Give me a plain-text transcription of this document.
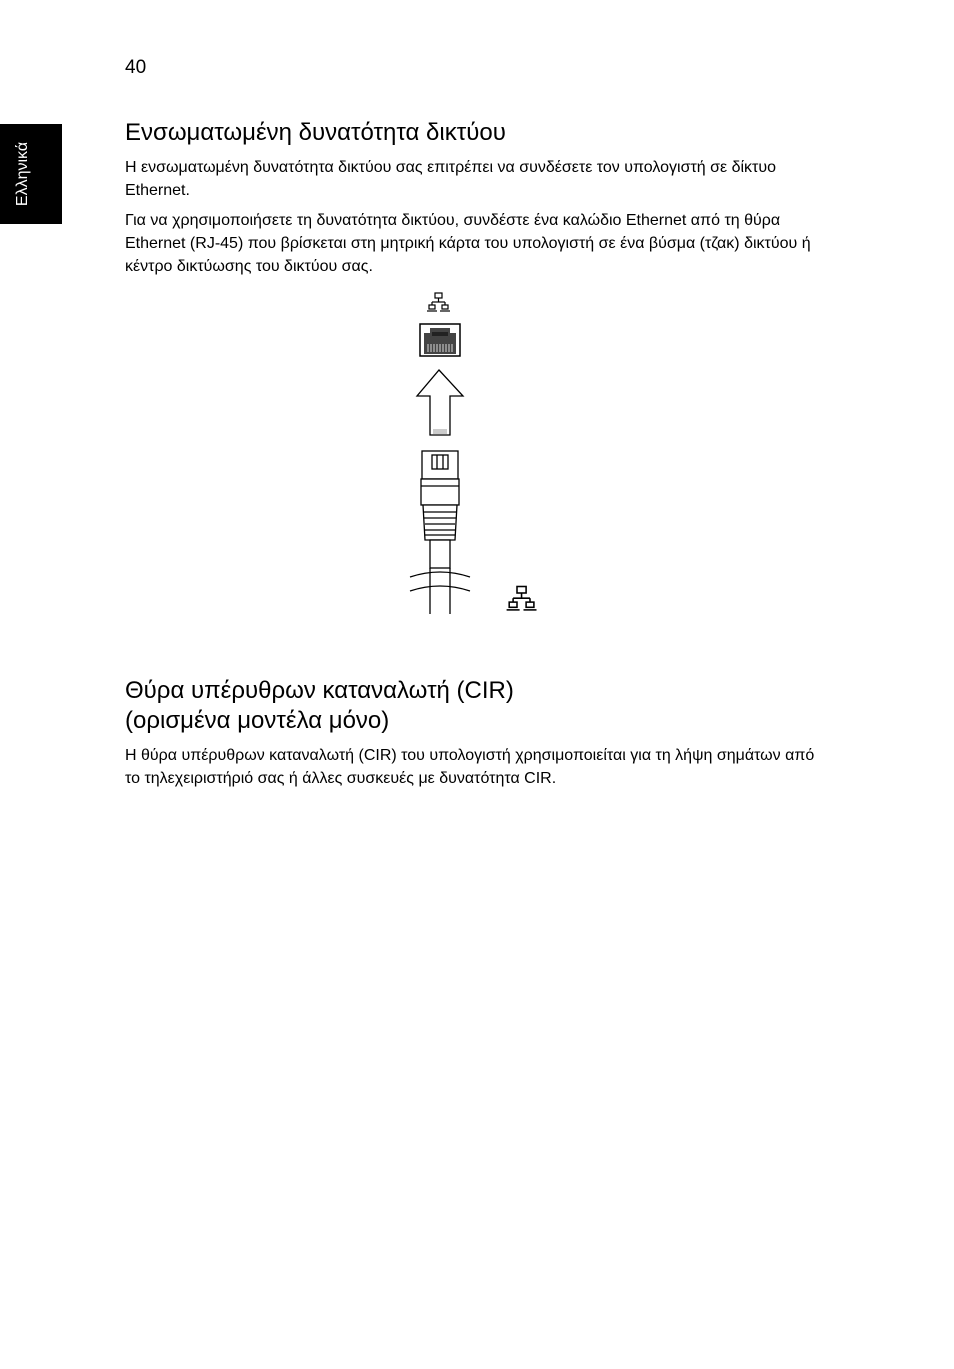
40
Ελληνικά
Ενσωματωμένη δυνατότητα δικτύου

Η ενσωματωμένη δυνατότητα δικτύου σας επιτρέπει να συνδέσετε τον υπολογιστή σε δίκτυο Ethernet.

Για να χρησιμοποιήσετε τη δυνατότητα δικτύου, συνδέστε ένα καλώδιο Ethernet από τη θύρα Ethernet (RJ-45) που βρίσκεται στη μητρική κάρτα του υπολογιστή σε ένα βύσμα (τζακ) δικτύου ή κέντρο δικτύωσης του δικτύου σας.

Θύρα υπέρυθρων καταναλωτή (CIR)
(ορισμένα μοντέλα μόνο)

Η θύρα υπέρυθρων καταναλωτή (CIR) του υπολογιστή χρησιμοποιείται για τη λήψη σημάτων από το τηλεχειριστήριό σας ή άλλες συσκευές με δυνατότητα CIR.
